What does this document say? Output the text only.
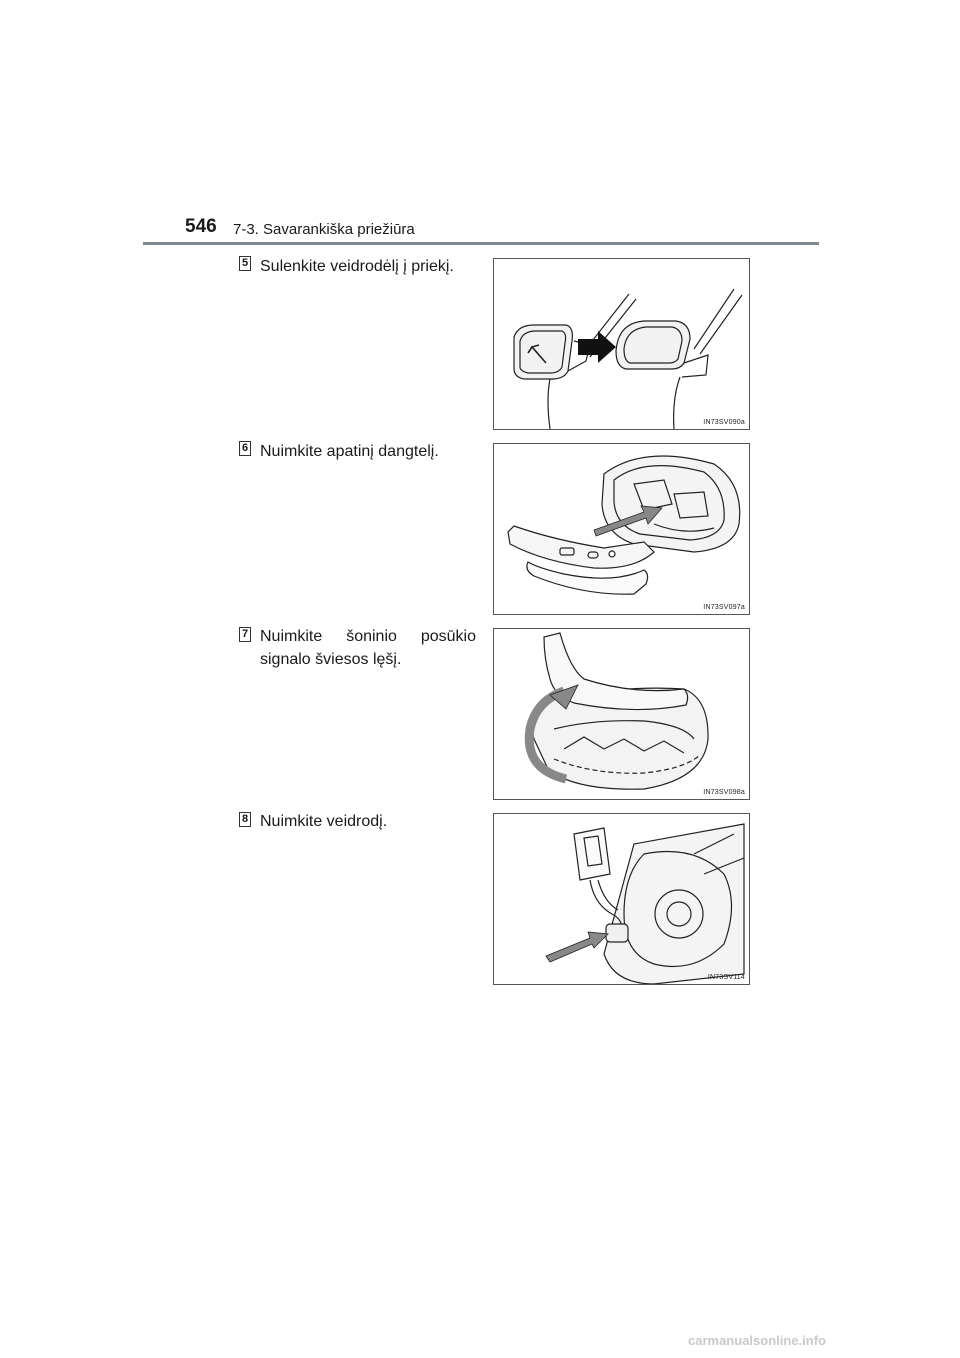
546 7-3. Savarankiška priežiūra
5 Sulenkite veidrodėlį į priekį.
IN73SV090a
6 Nuimkite apatinį dangtelį.
IN73SV097a
7 Nuimkite šoninio posūkio signalo šviesos lęšį.
IN73SV098a
8 Nuimkite veidrodį.
IN73SV114
carmanualsonline.info
